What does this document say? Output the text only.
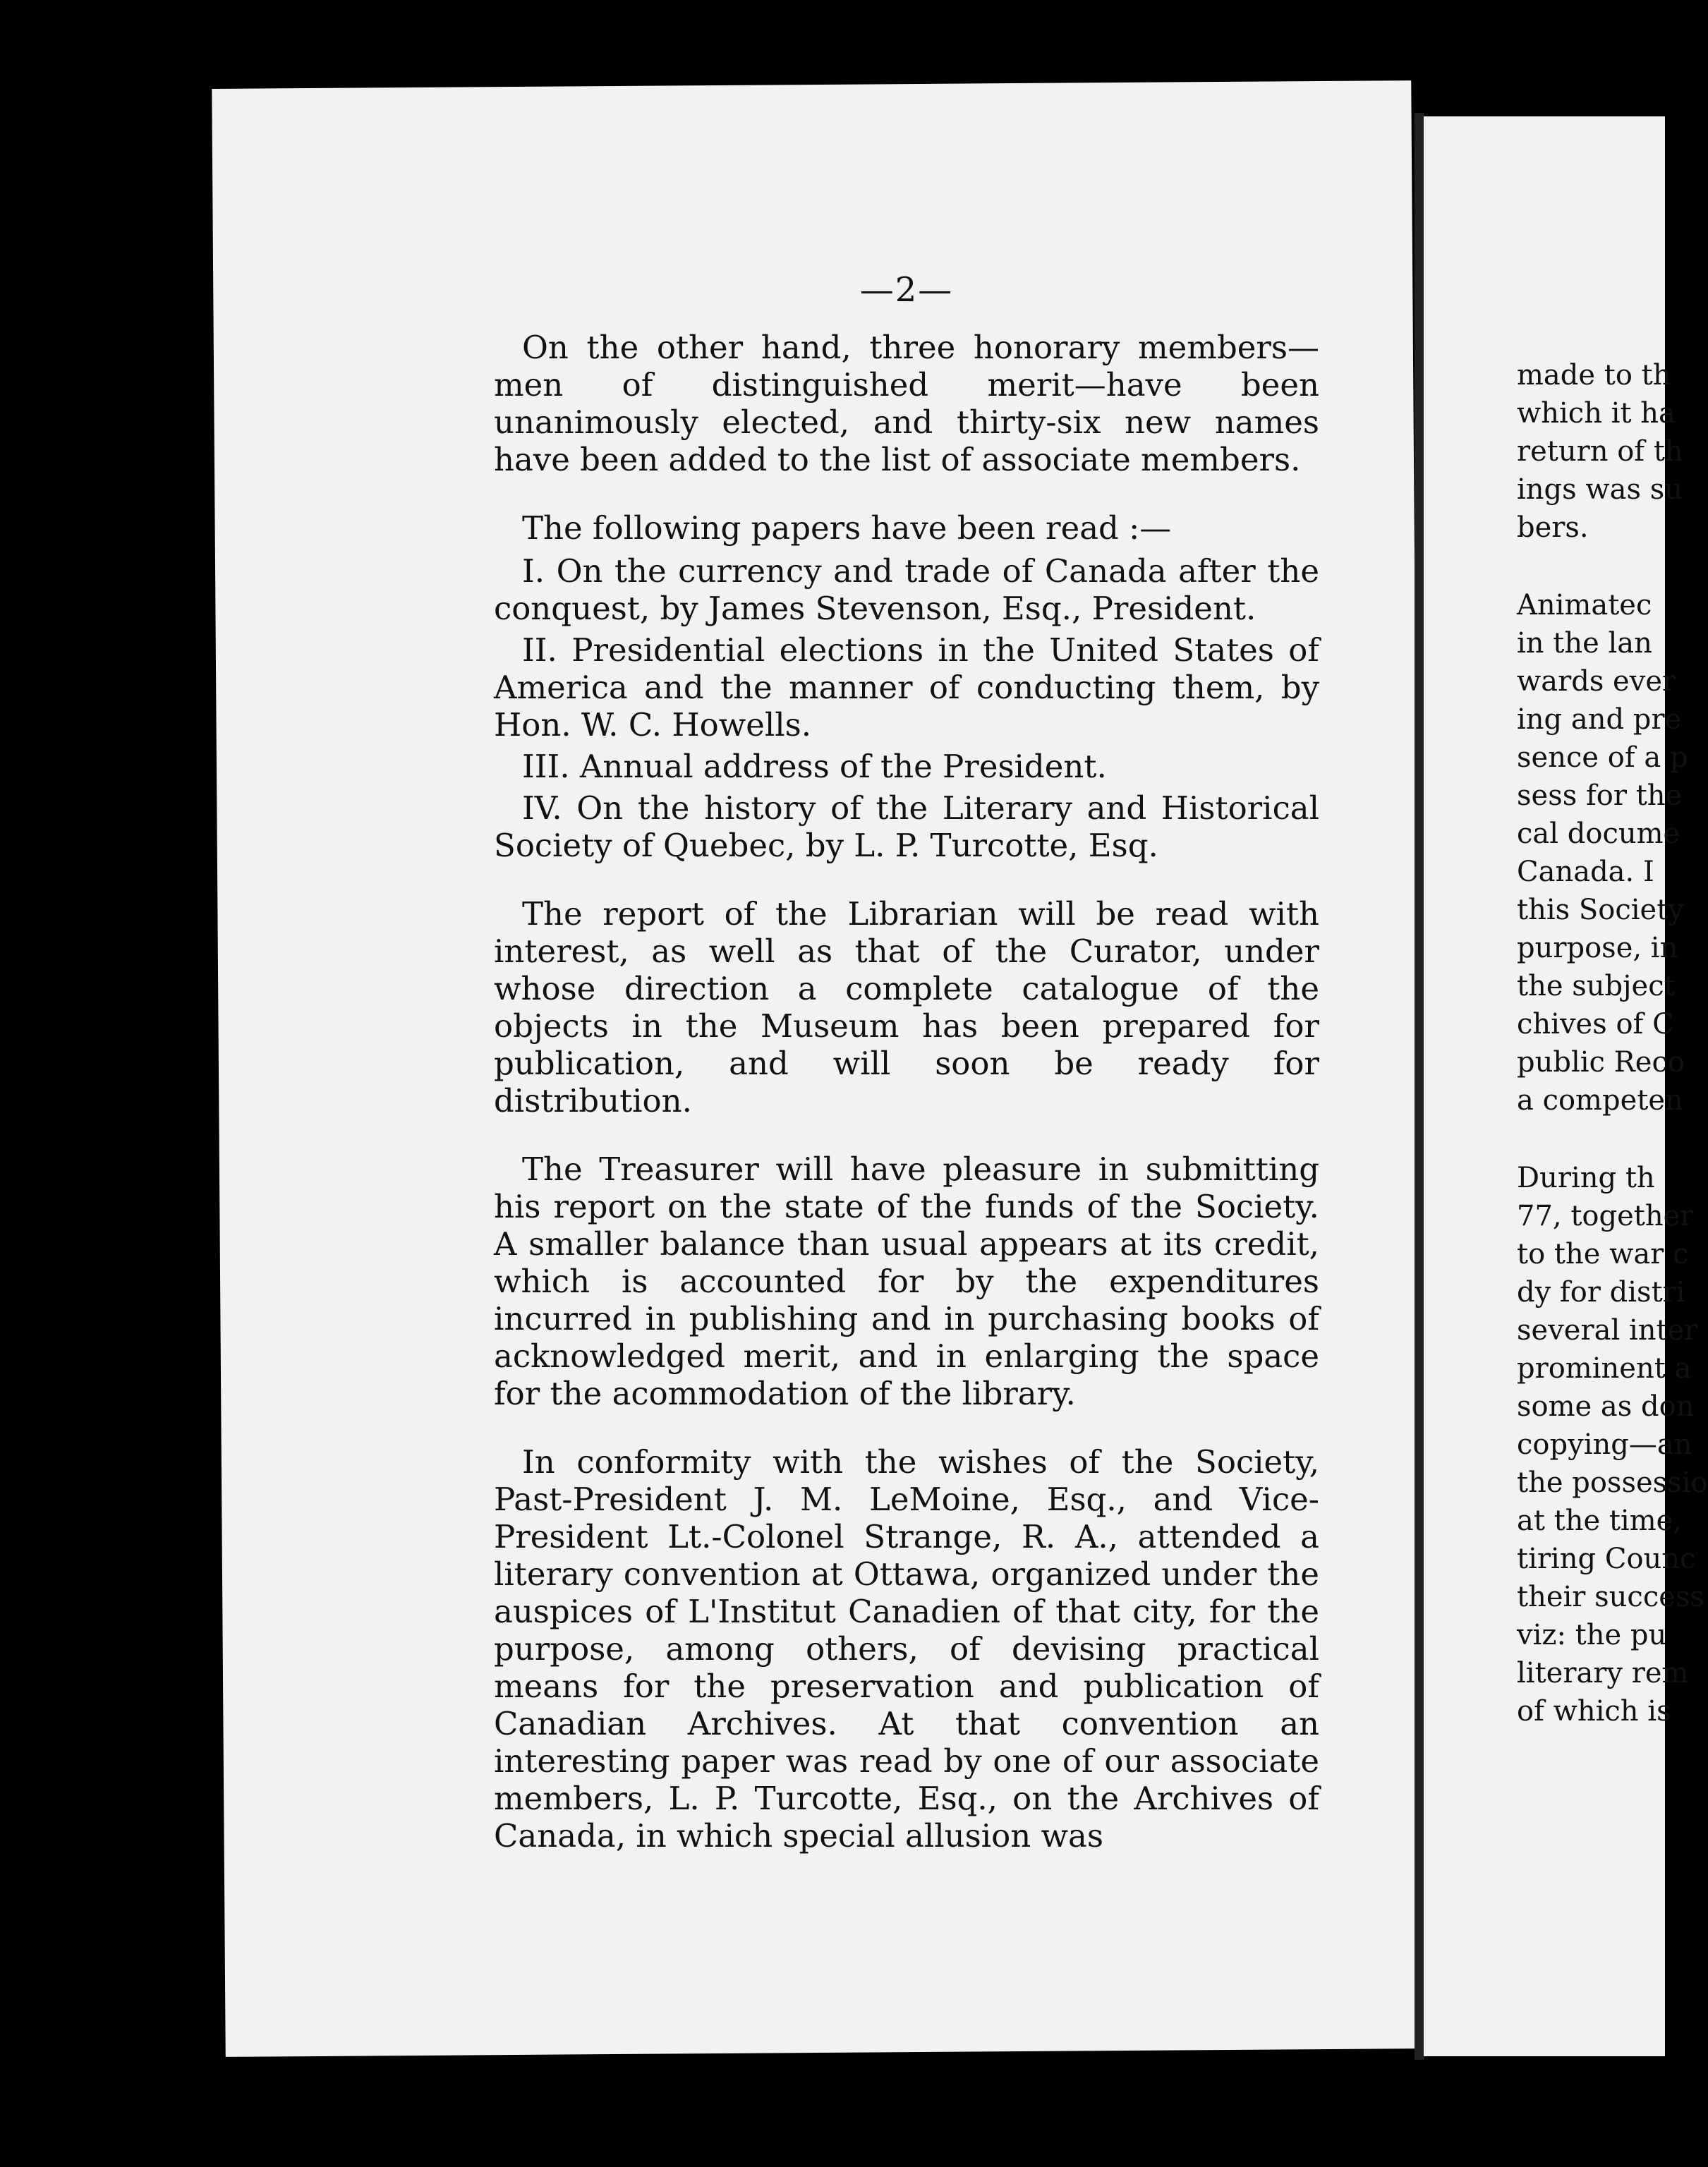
—2—

On the other hand, three honorary members—men of distinguished merit—have been unanimously elected, and thirty-six new names have been added to the list of associate members.

The following papers have been read :—

I. On the currency and trade of Canada after the conquest, by James Stevenson, Esq., President.

II. Presidential elections in the United States of America and the manner of conducting them, by Hon. W. C. Howells.

III. Annual address of the President.

IV. On the history of the Literary and Historical Society of Quebec, by L. P. Turcotte, Esq.

The report of the Librarian will be read with interest, as well as that of the Curator, under whose direction a complete catalogue of the objects in the Museum has been prepared for publication, and will soon be ready for distribution.

The Treasurer will have pleasure in submitting his report on the state of the funds of the Society. A smaller balance than usual appears at its credit, which is accounted for by the expenditures incurred in publishing and in purchasing books of acknowledged merit, and in enlarging the space for the acommodation of the library.

In conformity with the wishes of the Society, Past-President J. M. LeMoine, Esq., and Vice-President Lt.-Colonel Strange, R. A., attended a literary convention at Ottawa, organized under the auspices of L'Institut Canadien of that city, for the purpose, among others, of devising practical means for the preservation and publication of Canadian Archives. At that convention an interesting paper was read by one of our associate members, L. P. Turcotte, Esq., on the Archives of Canada, in which special allusion was

made to th
which it ha
return of th
ings was su
bers.
Animatec
in the lan
wards ever
ing and pre
sence of a p
sess for the
cal docume
Canada. I
this Society
purpose, in
the subject
chives of C
public Reco
a competen
During th
77, together
to the war c
dy for distri
several inter
prominent a
some as don
copying—an
the possessio
at the time,
tiring Counc
their success
viz: the pu
literary rem
of which is
